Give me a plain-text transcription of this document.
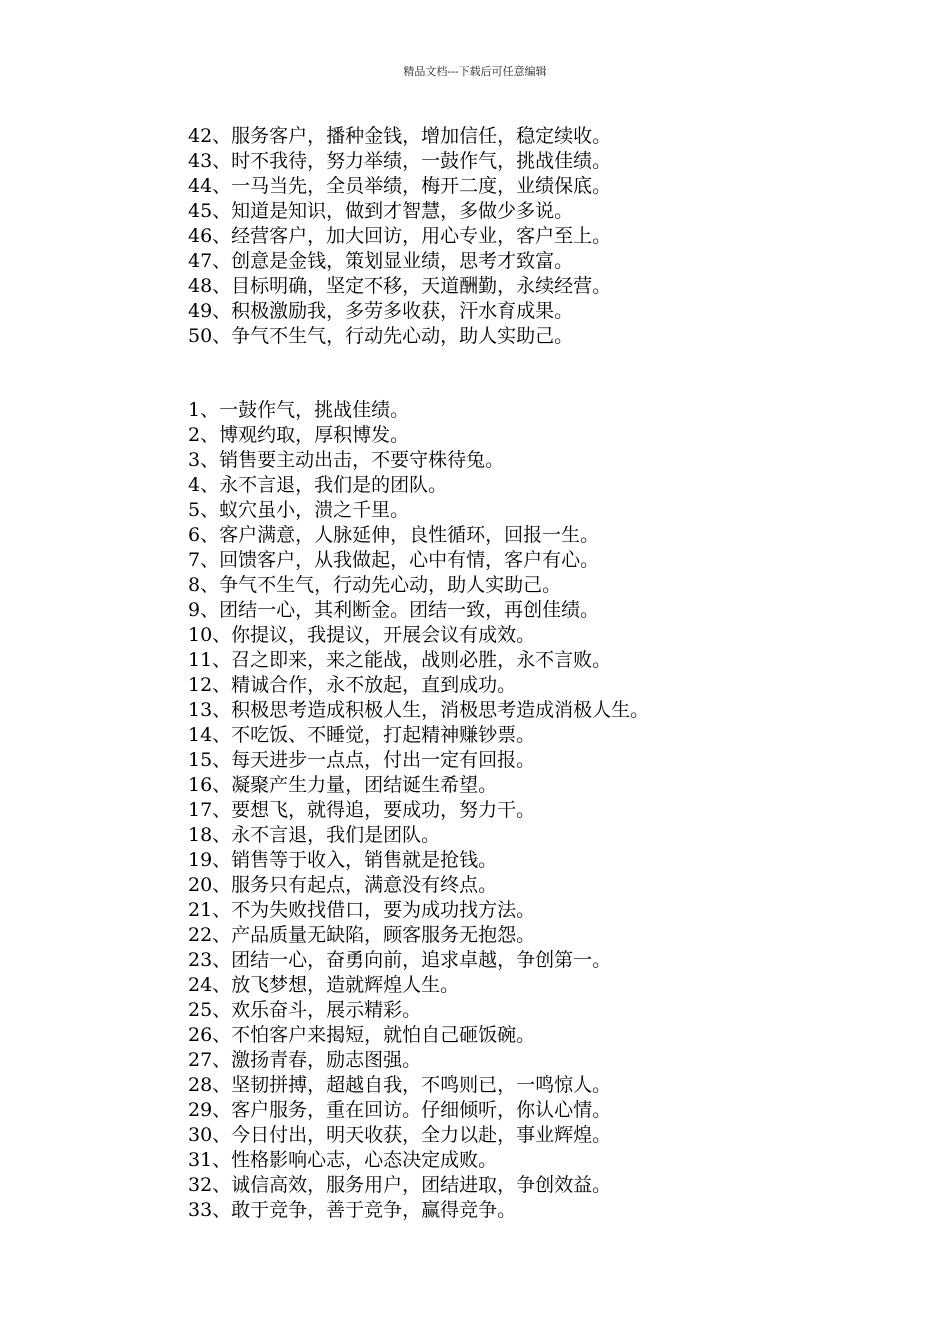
精品文档---下载后可任意编辑
42、服务客户，播种金钱，增加信任，稳定续收。
43、时不我待，努力举绩，一鼓作气，挑战佳绩。
44、一马当先，全员举绩，梅开二度，业绩保底。
45、知道是知识，做到才智慧，多做少多说。
46、经营客户，加大回访，用心专业，客户至上。
47、创意是金钱，策划显业绩，思考才致富。
48、目标明确，坚定不移，天道酬勤，永续经营。
49、积极激励我，多劳多收获，汗水育成果。
50、争气不生气，行动先心动，助人实助己。
1、一鼓作气，挑战佳绩。
2、博观约取，厚积博发。
3、销售要主动出击，不要守株待兔。
4、永不言退，我们是的团队。
5、蚁穴虽小，溃之千里。
6、客户满意，人脉延伸，良性循环，回报一生。
7、回馈客户，从我做起，心中有情，客户有心。
8、争气不生气，行动先心动，助人实助己。
9、团结一心，其利断金。团结一致，再创佳绩。
10、你提议，我提议，开展会议有成效。
11、召之即来，来之能战，战则必胜，永不言败。
12、精诚合作，永不放起，直到成功。
13、积极思考造成积极人生，消极思考造成消极人生。
14、不吃饭、不睡觉，打起精神赚钞票。
15、每天进步一点点，付出一定有回报。
16、凝聚产生力量，团结诞生希望。
17、要想飞，就得追，要成功，努力干。
18、永不言退，我们是团队。
19、销售等于收入，销售就是抢钱。
20、服务只有起点，满意没有终点。
21、不为失败找借口，要为成功找方法。
22、产品质量无缺陷，顾客服务无抱怨。
23、团结一心，奋勇向前，追求卓越，争创第一。
24、放飞梦想，造就辉煌人生。
25、欢乐奋斗，展示精彩。
26、不怕客户来揭短，就怕自己砸饭碗。
27、激扬青春，励志图强。
28、坚韧拼搏，超越自我，不鸣则已，一鸣惊人。
29、客户服务，重在回访。仔细倾听，你认心情。
30、今日付出，明天收获，全力以赴，事业辉煌。
31、性格影响心志，心态决定成败。
32、诚信高效，服务用户，团结进取，争创效益。
33、敢于竞争，善于竞争，赢得竞争。
